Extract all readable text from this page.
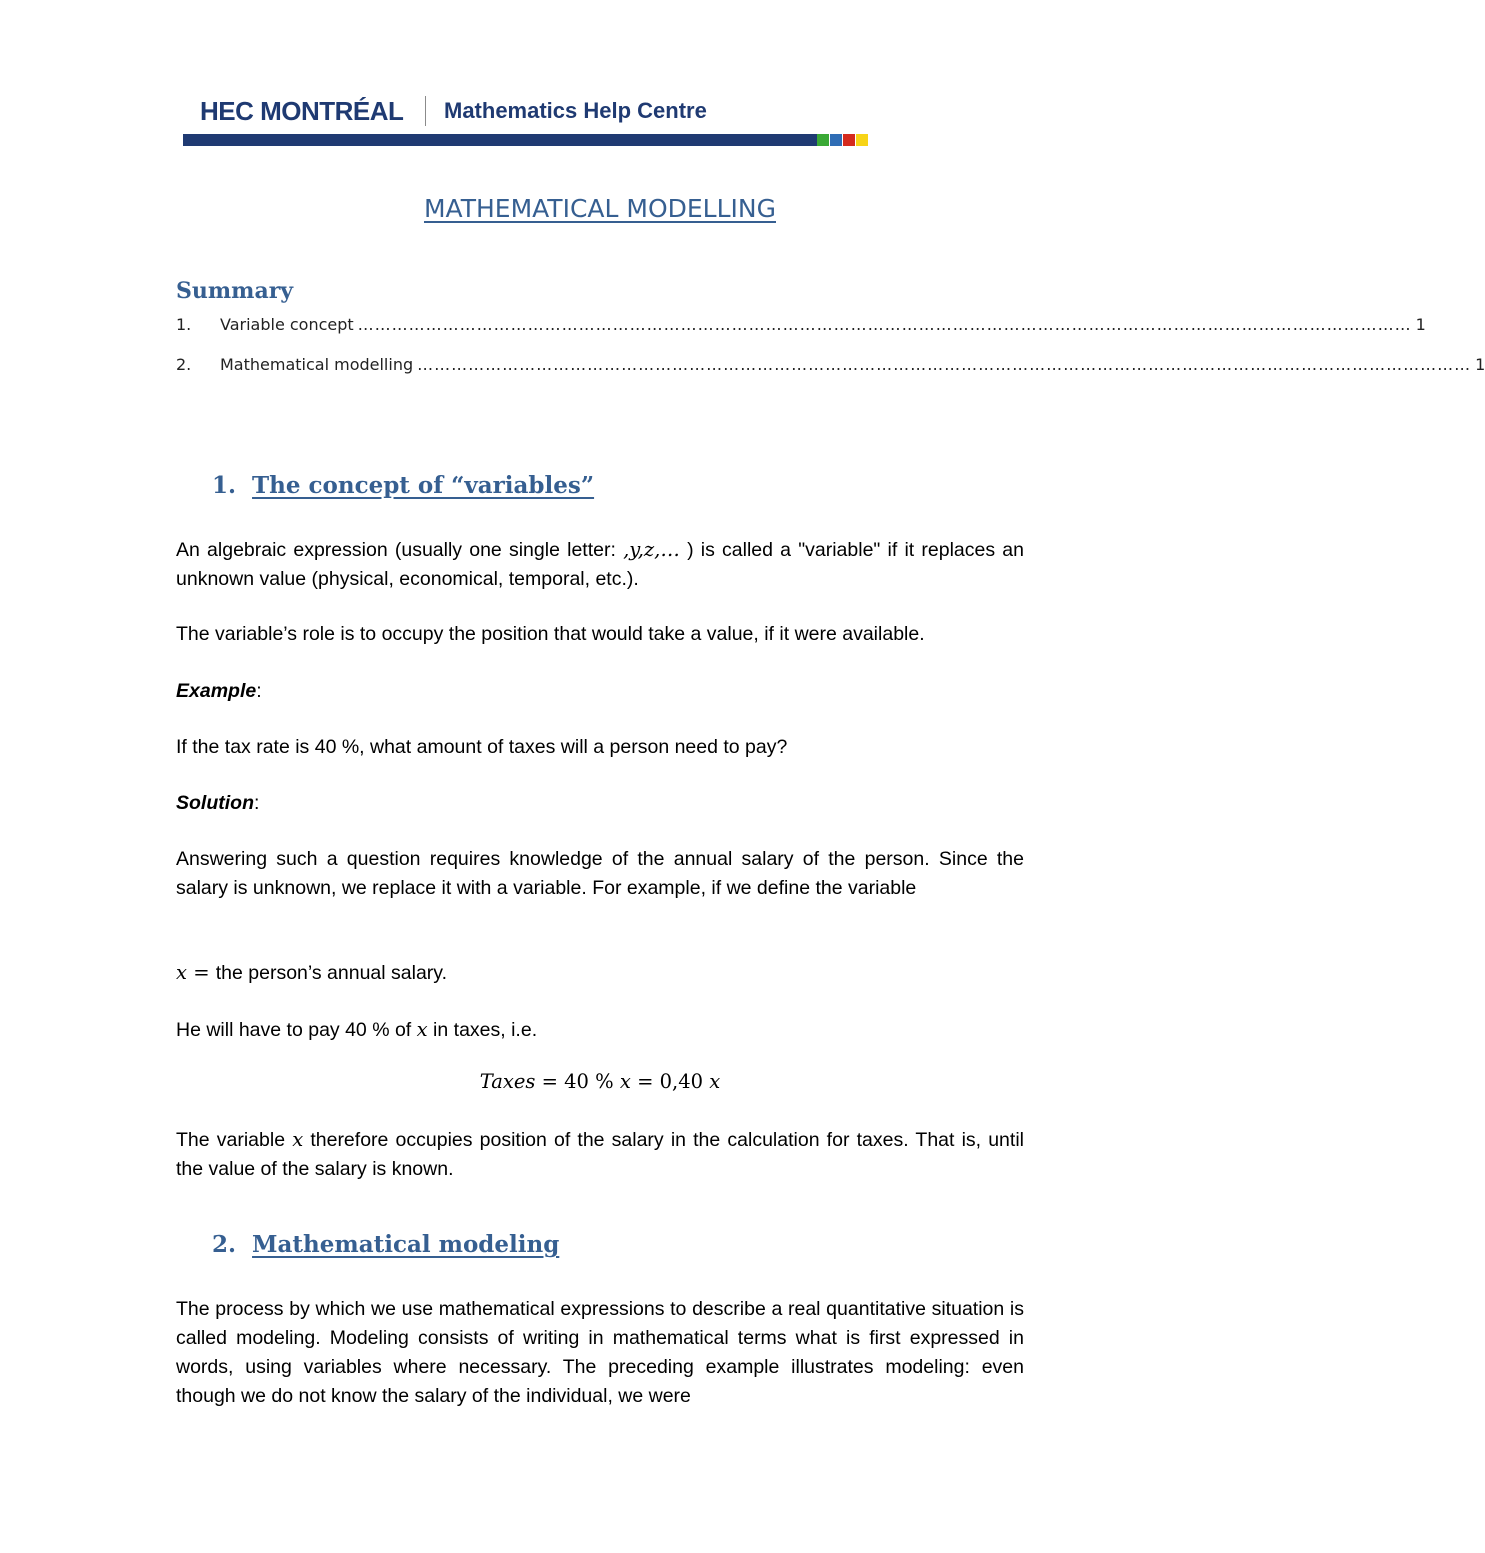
HEC MONTRÉAL Mathematics Help Centre
MATHEMATICAL MODELLING
Summary
1.	Variable concept …………………………………………………………………………………………………………………………………………………………………… 1
2.	Mathematical modelling …………………………………………………………………………………………………………………………………………………………………… 1
1. The concept of “variables”
An algebraic expression (usually one single letter: ,y,z,… ) is called a "variable" if it replaces an unknown value (physical, economical, temporal, etc.).
The variable’s role is to occupy the position that would take a value, if it were available.
Example:
If the tax rate is 40 %, what amount of taxes will a person need to pay?
Solution:
Answering such a question requires knowledge of the annual salary of the person. Since the salary is unknown, we replace it with a variable. For example, if we define the variable
x = the person’s annual salary.
He will have to pay 40 % of x in taxes, i.e.
Taxes = 40 % x = 0,40 x
The variable x therefore occupies position of the salary in the calculation for taxes. That is, until the value of the salary is known.
2. Mathematical modeling
The process by which we use mathematical expressions to describe a real quantitative situation is called modeling. Modeling consists of writing in mathematical terms what is first expressed in words, using variables where necessary. The preceding example illustrates modeling: even though we do not know the salary of the individual, we were
